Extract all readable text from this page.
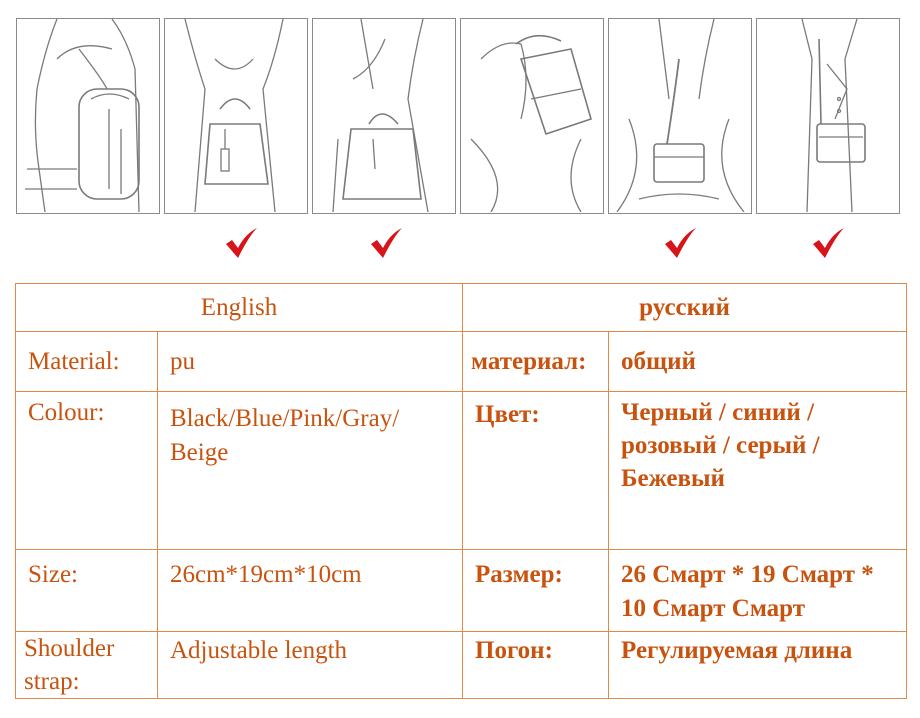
English		русский	
Material:	pu	материал:	общий
Colour:	Black/Blue/Pink/Gray/ Beige	Цвет:	Черный / синий / розовый / серый / Бежевый
Size:	26cm*19cm*10cm	Размер:	26 Смарт * 19 Смарт * 10 Смарт Смарт
Shoulder strap:	Adjustable length	Погон:	Регулируемая длина
